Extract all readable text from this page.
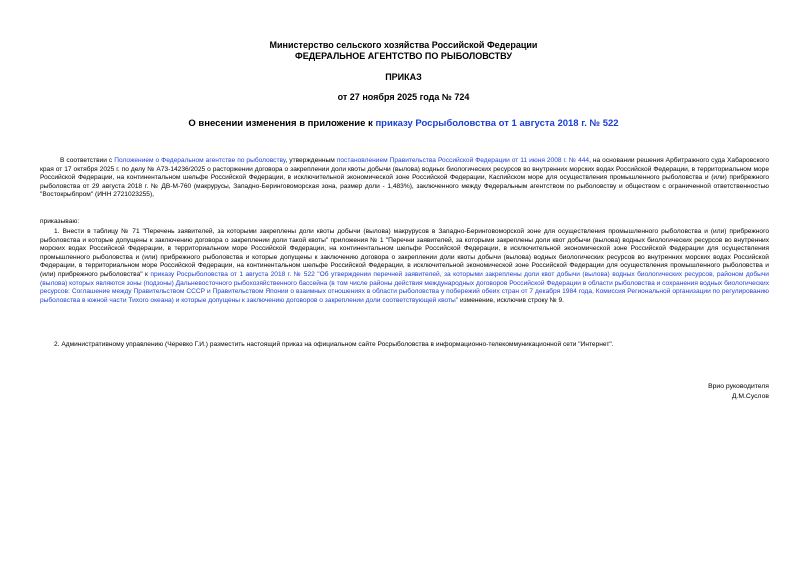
Министерство сельского хозяйства Российской Федерации
ФЕДЕРАЛЬНОЕ АГЕНТСТВО ПО РЫБОЛОВСТВУ
ПРИКАЗ
от 27 ноября 2025 года № 724
О внесении изменения в приложение к приказу Росрыболовства от 1 августа 2018 г. № 522
В соответствии с Положением о Федеральном агентстве по рыболовству, утвержденным постановлением Правительства Российской Федерации от 11 июня 2008 г. № 444, на основании решения Арбитражного суда Хабаровского края от 17 октября 2025 г. по делу № А73-14236/2025 о расторжении договора о закреплении доли квоты добычи (вылова) водных биологических ресурсов во внутренних морских водах Российской Федерации, в территориальном море Российской Федерации, на континентальном шельфе Российской Федерации, в исключительной экономической зоне Российской Федерации, Каспийском море для осуществления промышленного рыболовства и (или) прибрежного рыболовства от 29 августа 2018 г. № ДВ-М-760 (макрурусы, Западно-Беринговоморская зона, размер доли - 1,483%), заключенного между Федеральным агентством по рыболовству и обществом с ограниченной ответственностью "Востокрыбпром" (ИНН 2721023255),
приказываю:
1. Внести в таблицу № 71 "Перечень заявителей, за которыми закреплены доли квоты добычи (вылова) макрурусов в Западно-Беринговоморской зоне для осуществления промышленного рыболовства и (или) прибрежного рыболовства и которые допущены к заключению договора о закреплении доли такой квоты" приложения № 1 "Перечни заявителей, за которыми закреплены доли квот добычи (вылова) водных биологических ресурсов во внутренних морских водах Российской Федерации, в территориальном море Российской Федерации, на континентальном шельфе Российской Федерации, в исключительной экономической зоне Российской Федерации для осуществления промышленного рыболовства и (или) прибрежного рыболовства и которые допущены к заключению договора о закреплении доли квоты добычи (вылова) водных биологических ресурсов во внутренних морских водах Российской Федерации, в территориальном море Российской Федерации, на континентальном шельфе Российской Федерации, в исключительной экономической зоне Российской Федерации для осуществления промышленного рыболовства и (или) прибрежного рыболовства" к приказу Росрыболовства от 1 августа 2018 г. № 522 "Об утверждении перечней заявителей, за которыми закреплены доли квот добычи (вылова) водных биологических ресурсов, районом добычи (вылова) которых являются зоны (подзоны) Дальневосточного рыбохозяйственного бассейна (в том числе районы действия международных договоров Российской Федерации в области рыболовства и сохранения водных биологических ресурсов: Соглашение между Правительством СССР и Правительством Японии о взаимных отношениях в области рыболовства у побережий обеих стран от 7 декабря 1984 года, Комиссия Региональной организации по регулированию рыболовства в южной части Тихого океана) и которые допущены к заключению договоров о закреплении доли соответствующей квоты" изменение, исключив строку № 9.
2. Административному управлению (Черевко Г.И.) разместить настоящий приказ на официальном сайте Росрыболовства в информационно-телекоммуникационной сети "Интернет".
Врио руководителя
Д.М.Суслов
